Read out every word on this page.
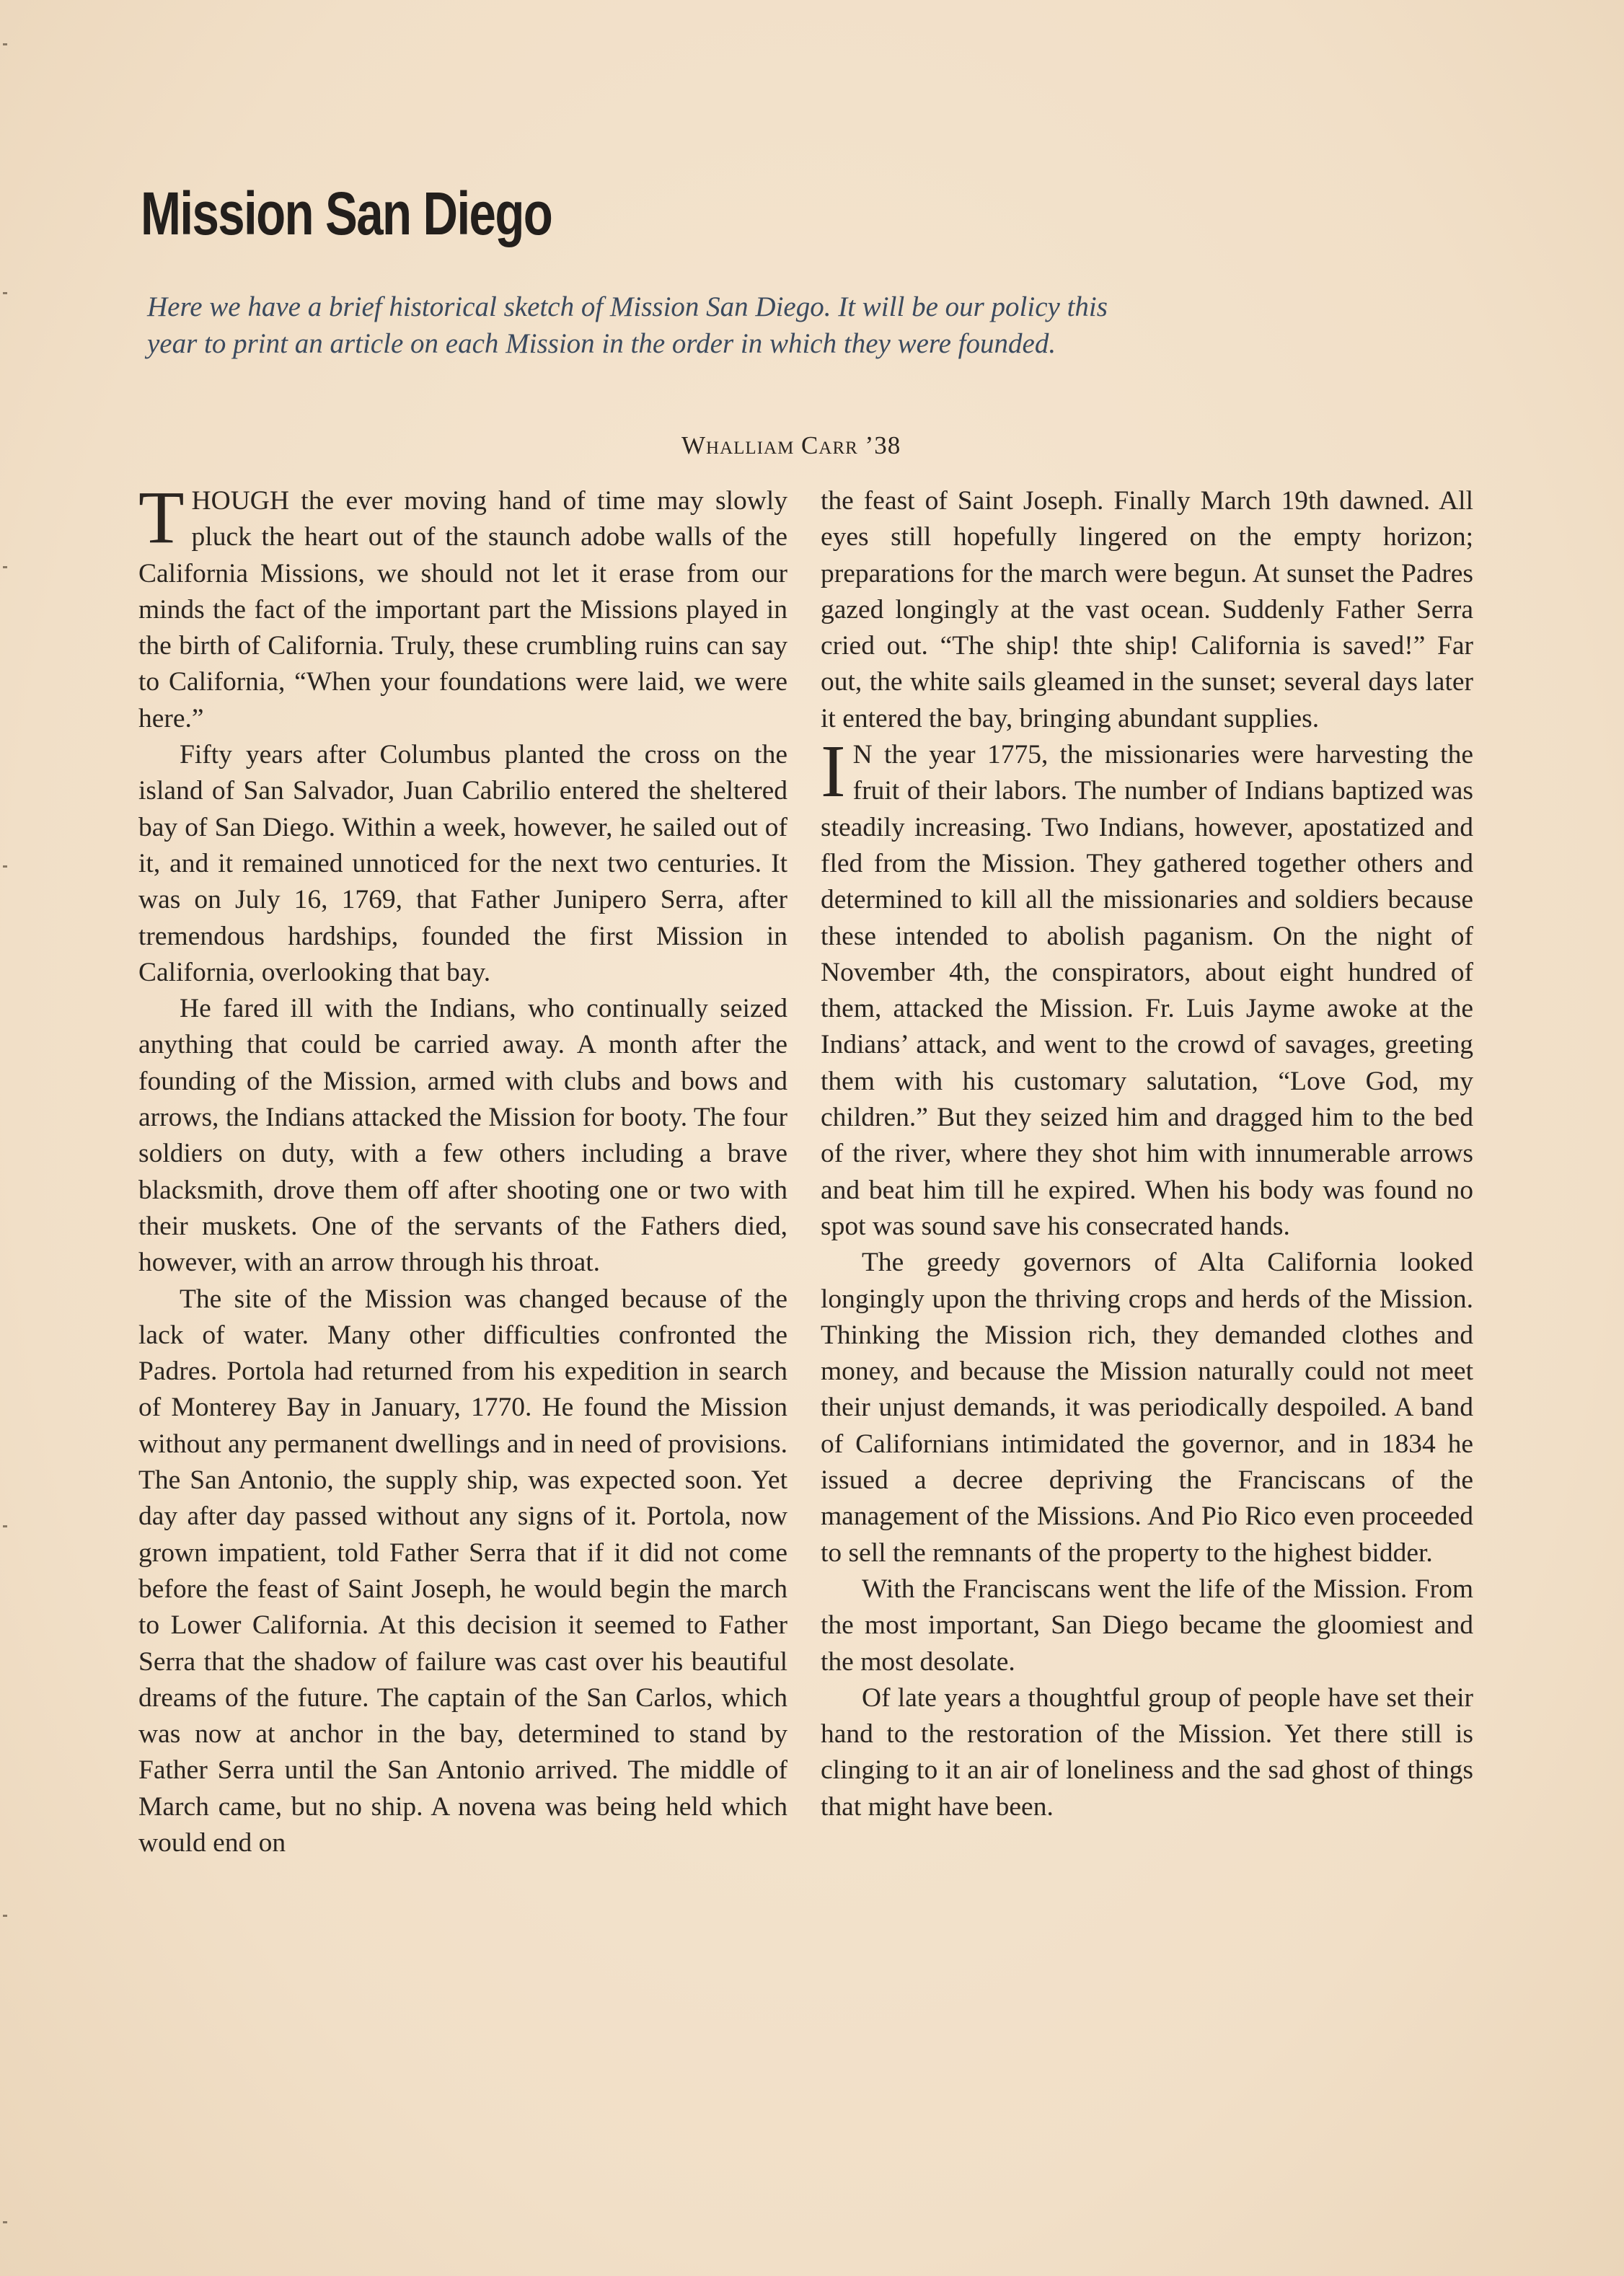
Mission San Diego

Here we have a brief historical sketch of Mission San Diego. It will be our policy this year to print an article on each Mission in the order in which they were founded.

Whalliam Carr ’38

THOUGH the ever moving hand of time may slowly pluck the heart out of the staunch adobe walls of the California Missions, we should not let it erase from our minds the fact of the important part the Missions played in the birth of California. Truly, these crumbling ruins can say to California, “When your foundations were laid, we were here.”

Fifty years after Columbus planted the cross on the island of San Salvador, Juan Cabrilio entered the sheltered bay of San Diego. Within a week, however, he sailed out of it, and it remained unnoticed for the next two centuries. It was on July 16, 1769, that Father Junipero Serra, after tremendous hardships, founded the first Mission in California, overlooking that bay.

He fared ill with the Indians, who continually seized anything that could be carried away. A month after the founding of the Mission, armed with clubs and bows and arrows, the Indians attacked the Mission for booty. The four soldiers on duty, with a few others including a brave blacksmith, drove them off after shooting one or two with their muskets. One of the servants of the Fathers died, however, with an arrow through his throat.

The site of the Mission was changed because of the lack of water. Many other difficulties confronted the Padres. Portola had returned from his expedition in search of Monterey Bay in January, 1770. He found the Mission without any permanent dwellings and in need of provisions. The San Antonio, the supply ship, was expected soon. Yet day after day passed without any signs of it. Portola, now grown impatient, told Father Serra that if it did not come before the feast of Saint Joseph, he would begin the march to Lower California. At this decision it seemed to Father Serra that the shadow of failure was cast over his beautiful dreams of the future. The captain of the San Carlos, which was now at anchor in the bay, determined to stand by Father Serra until the San Antonio arrived. The middle of March came, but no ship. A novena was being held which would end on

the feast of Saint Joseph. Finally March 19th dawned. All eyes still hopefully lingered on the empty horizon; preparations for the march were begun. At sunset the Padres gazed longingly at the vast ocean. Suddenly Father Serra cried out. “The ship! thte ship! California is saved!” Far out, the white sails gleamed in the sunset; several days later it entered the bay, bringing abundant supplies.

I N the year 1775, the missionaries were harvesting the fruit of their labors. The number of Indians baptized was steadily increasing. Two Indians, however, apostatized and fled from the Mission. They gathered together others and determined to kill all the missionaries and soldiers because these intended to abolish paganism. On the night of November 4th, the conspirators, about eight hundred of them, attacked the Mission. Fr. Luis Jayme awoke at the Indians’ attack, and went to the crowd of savages, greeting them with his customary salutation, “Love God, my children.” But they seized him and dragged him to the bed of the river, where they shot him with innumerable arrows and beat him till he expired. When his body was found no spot was sound save his consecrated hands.

The greedy governors of Alta California looked longingly upon the thriving crops and herds of the Mission. Thinking the Mission rich, they demanded clothes and money, and because the Mission naturally could not meet their unjust demands, it was periodically despoiled. A band of Californians intimidated the governor, and in 1834 he issued a decree depriving the Franciscans of the management of the Missions. And Pio Rico even proceeded to sell the remnants of the property to the highest bidder.

With the Franciscans went the life of the Mission. From the most important, San Diego became the gloomiest and the most desolate.

Of late years a thoughtful group of people have set their hand to the restoration of the Mission. Yet there still is clinging to it an air of loneliness and the sad ghost of things that might have been.
